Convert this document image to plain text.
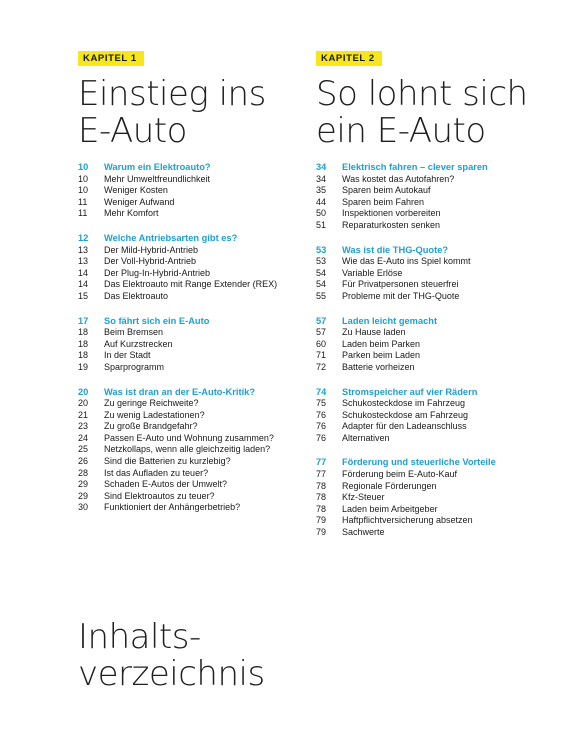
KAPITEL 1
Einstieg ins
E-Auto
10	Warum ein Elektroauto?
10	Mehr Umweltfreundlichkeit
10	Weniger Kosten
11	Weniger Aufwand
11	Mehr Komfort
12	Welche Antriebsarten gibt es?
13	Der Mild-Hybrid-Antrieb
13	Der Voll-Hybrid-Antrieb
14	Der Plug-In-Hybrid-Antrieb
14	Das Elektroauto mit Range Extender (REX)
15	Das Elektroauto
17	So fährt sich ein E-Auto
18	Beim Bremsen
18	Auf Kurzstrecken
18	In der Stadt
19	Sparprogramm
20	Was ist dran an der E-Auto-Kritik?
20	Zu geringe Reichweite?
21	Zu wenig Ladestationen?
23	Zu große Brandgefahr?
24	Passen E-Auto und Wohnung zusammen?
25	Netzkollaps, wenn alle gleichzeitig laden?
26	Sind die Batterien zu kurzlebig?
28	Ist das Aufladen zu teuer?
29	Schaden E-Autos der Umwelt?
29	Sind Elektroautos zu teuer?
30	Funktioniert der Anhängerbetrieb?
KAPITEL 2
So lohnt sich
ein E-Auto
34	Elektrisch fahren – clever sparen
34	Was kostet das Autofahren?
35	Sparen beim Autokauf
44	Sparen beim Fahren
50	Inspektionen vorbereiten
51	Reparaturkosten senken
53	Was ist die THG-Quote?
53	Wie das E-Auto ins Spiel kommt
54	Variable Erlöse
54	Für Privatpersonen steuerfrei
55	Probleme mit der THG-Quote
57	Laden leicht gemacht
57	Zu Hause laden
60	Laden beim Parken
71	Parken beim Laden
72	Batterie vorheizen
74	Stromspeicher auf vier Rädern
75	Schukosteckdose im Fahrzeug
76	Schukosteckdose am Fahrzeug
76	Adapter für den Ladeanschluss
76	Alternativen
77	Förderung und steuerliche Vorteile
77	Förderung beim E-Auto-Kauf
78	Regionale Förderungen
78	Kfz-Steuer
78	Laden beim Arbeitgeber
79	Haftpflichtversicherung absetzen
79	Sachwerte
Inhalts-
verzeichnis
